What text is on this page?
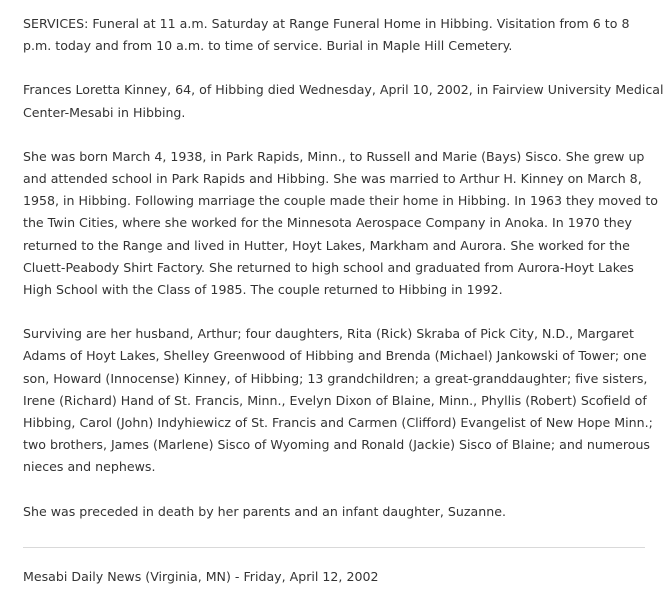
SERVICES: Funeral at 11 a.m. Saturday at Range Funeral Home in Hibbing. Visitation from 6 to 8
p.m. today and from 10 a.m. to time of service. Burial in Maple Hill Cemetery.

Frances Loretta Kinney, 64, of Hibbing died Wednesday, April 10, 2002, in Fairview University Medical
Center-Mesabi in Hibbing.

She was born March 4, 1938, in Park Rapids, Minn., to Russell and Marie (Bays) Sisco. She grew up
and attended school in Park Rapids and Hibbing. She was married to Arthur H. Kinney on March 8,
1958, in Hibbing. Following marriage the couple made their home in Hibbing. In 1963 they moved to
the Twin Cities, where she worked for the Minnesota Aerospace Company in Anoka. In 1970 they
returned to the Range and lived in Hutter, Hoyt Lakes, Markham and Aurora. She worked for the
Cluett-Peabody Shirt Factory. She returned to high school and graduated from Aurora-Hoyt Lakes
High School with the Class of 1985. The couple returned to Hibbing in 1992.

Surviving are her husband, Arthur; four daughters, Rita (Rick) Skraba of Pick City, N.D., Margaret
Adams of Hoyt Lakes, Shelley Greenwood of Hibbing and Brenda (Michael) Jankowski of Tower; one
son, Howard (Innocense) Kinney, of Hibbing; 13 grandchildren; a great-granddaughter; five sisters,
Irene (Richard) Hand of St. Francis, Minn., Evelyn Dixon of Blaine, Minn., Phyllis (Robert) Scofield of
Hibbing, Carol (John) Indyhiewicz of St. Francis and Carmen (Clifford) Evangelist of New Hope Minn.;
two brothers, James (Marlene) Sisco of Wyoming and Ronald (Jackie) Sisco of Blaine; and numerous
nieces and nephews.

She was preceded in death by her parents and an infant daughter, Suzanne.

Mesabi Daily News (Virginia, MN) - Friday, April 12, 2002
